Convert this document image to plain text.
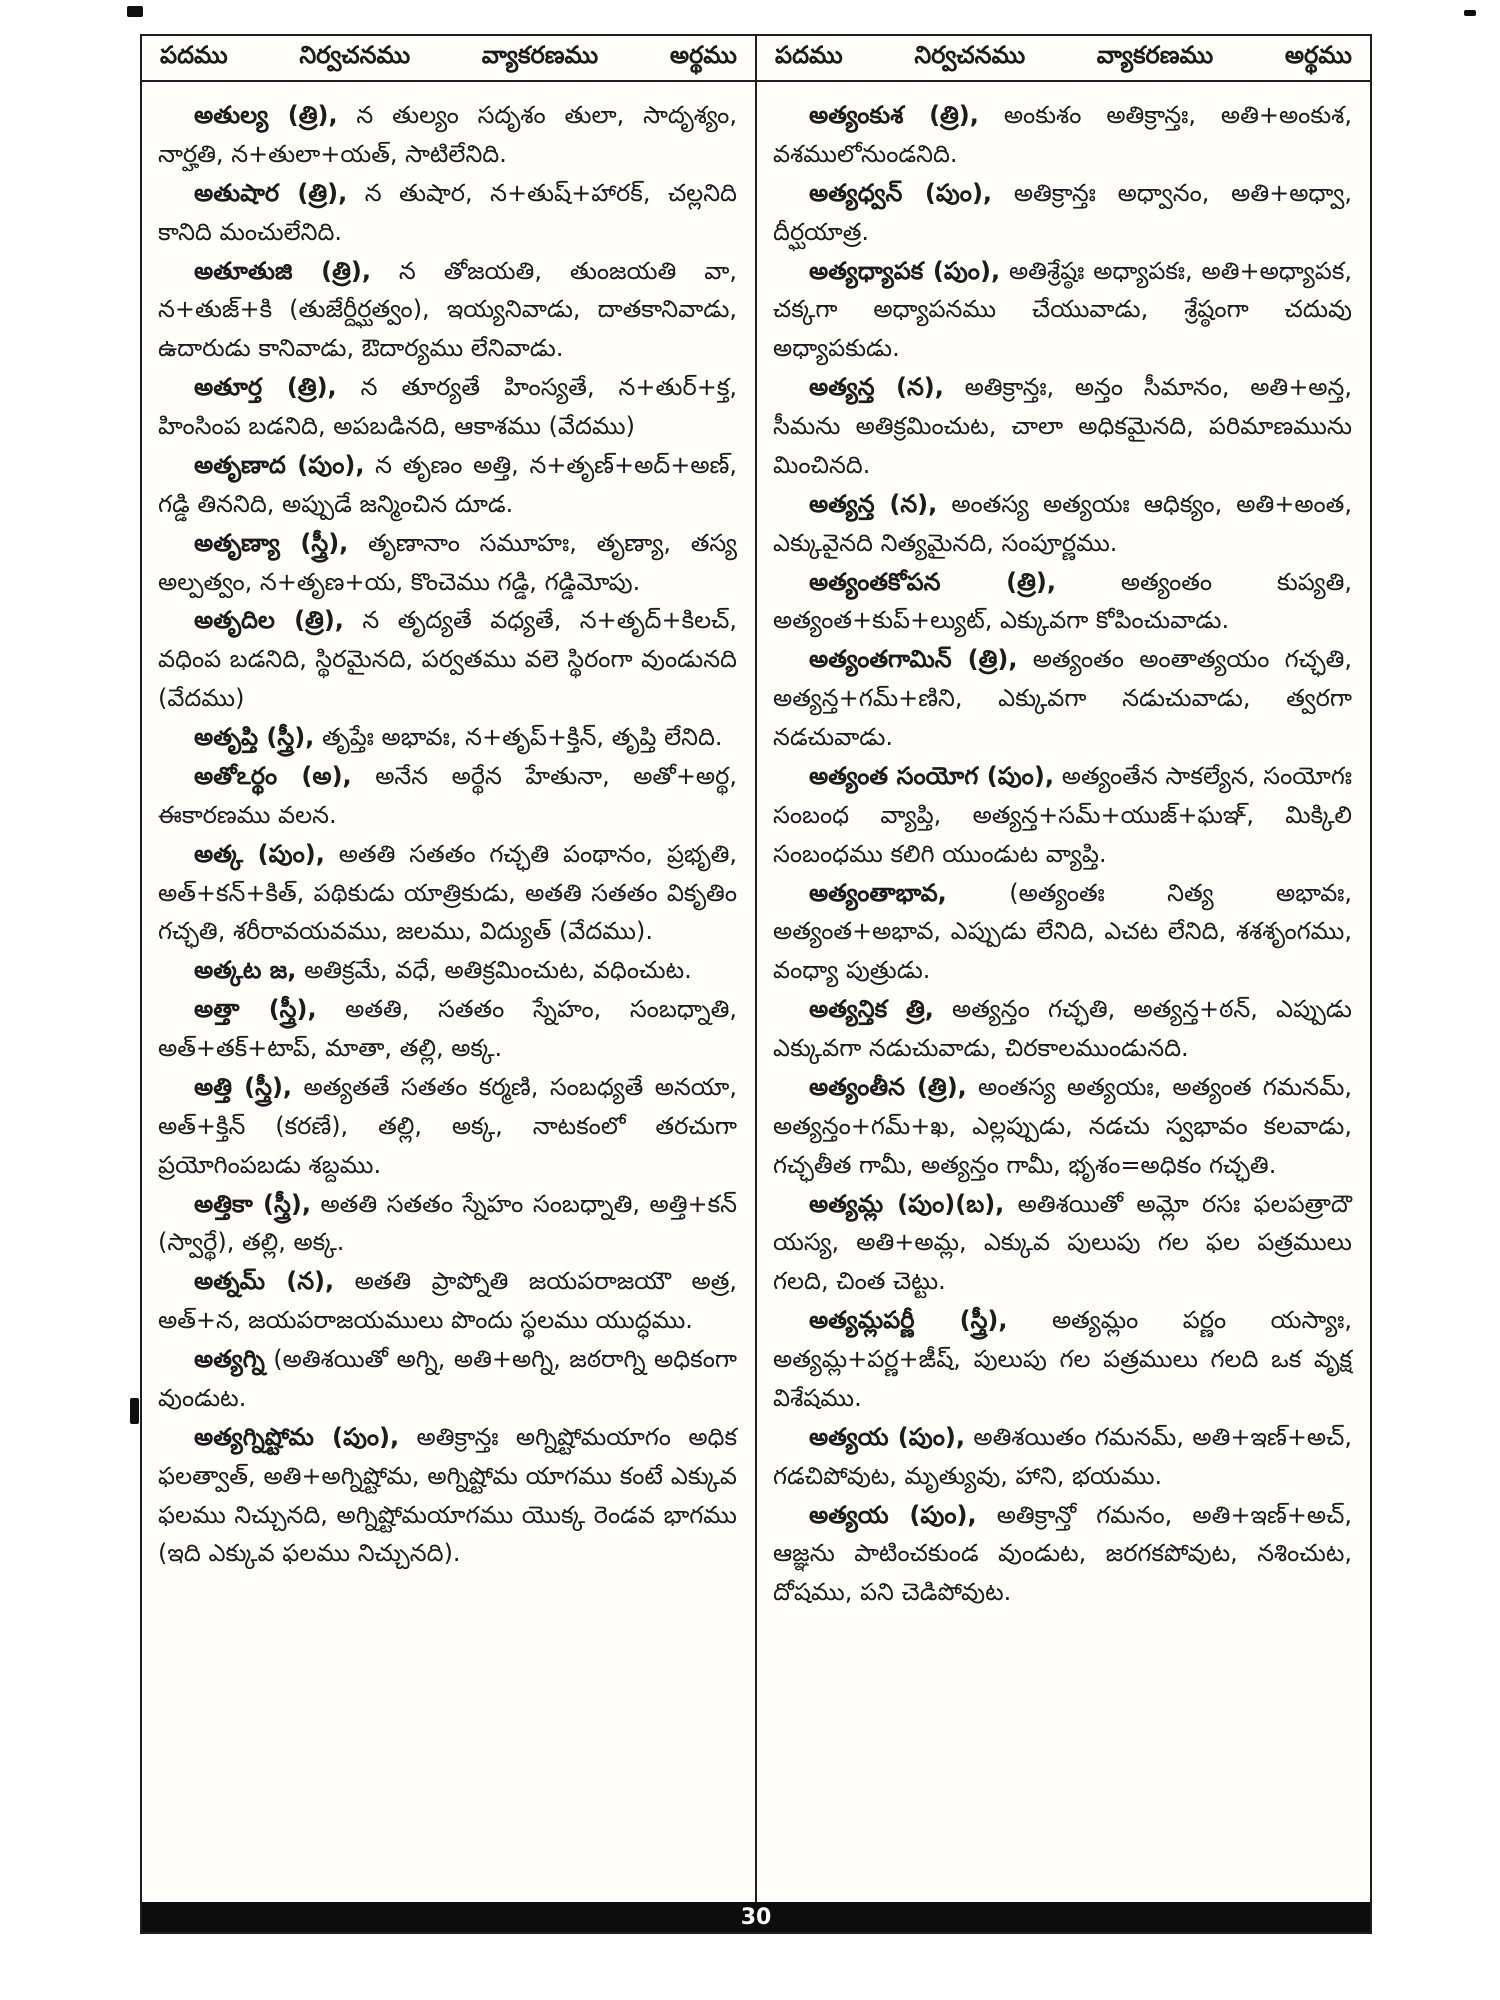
పదము	నిర్వచనము	వ్యాకరణము	అర్థము పదము	నిర్వచనము	వ్యాకరణము	అర్థము

అతుల్య (త్రి), న తుల్యం సదృశం తులా, సాదృశ్యం, నార్హతి, న+తులా+యత్, సాటిలేనిది.

అతుషార (త్రి), న తుషార, న+తుష్+హారక్, చల్లనిది కానిది మంచులేనిది.

అతూతుజి (త్రి), న తోజయతి, తుంజయతి వా, న+తుజ్+కి (తుజేర్దీర్ఘత్వం), ఇయ్యనివాడు, దాతకానివాడు, ఉదారుడు కానివాడు, ఔదార్యము లేనివాడు.

అతూర్త (త్రి), న తూర్యతే హింస్యతే, న+తుర్+క్త, హింసింప బడనిది, అపబడినది, ఆకాశము (వేదము)

అతృణాద (పుం), న తృణం అత్తి, న+తృణ్+అద్+అణ్, గడ్డి తిననిది, అప్పుడే జన్మించిన దూడ.

అతృణ్యా (స్త్రీ), తృణానాం సమూహః, తృణ్యా, తస్య అల్పత్వం, న+తృణ+య, కొంచెము గడ్డి, గడ్డిమోపు.

అతృదిల (త్రి), న తృద్యతే వధ్యతే, న+తృద్+కిలచ్, వధింప బడనిది, స్థిరమైనది, పర్వతము వలె స్థిరంగా వుండునది (వేదము)

అతృప్తి (స్త్రీ), తృప్తేః అభావః, న+తృప్+క్తిన్, తృప్తి లేనిది.

అతోఽర్థం (అ), అనేన అర్థేన హేతునా, అతో+అర్థ, ఈకారణము వలన.

అత్క (పుం), అతతి సతతం గచ్ఛతి పంథానం, ప్రభృతి, అత్+కన్+కిత్, పథికుడు యాత్రికుడు, అతతి సతతం వికృతిం గచ్ఛతి, శరీరావయవము, జలము, విద్యుత్ (వేదము).

అత్కట జ, అతిక్రమే, వధే, అతిక్రమించుట, వధించుట.

అత్తా (స్త్రీ), అతతి, సతతం స్నేహం, సంబధ్నాతి, అత్+తక్+టాప్, మాతా, తల్లి, అక్క.

అత్తి (స్త్రీ), అత్యతతే సతతం కర్మణి, సంబధ్యతే అనయా, అత్+క్తిన్ (కరణే), తల్లి, అక్క, నాటకంలో తరచుగా ప్రయోగింపబడు శబ్దము.

అత్తికా (స్త్రీ), అతతి సతతం స్నేహం సంబధ్నాతి, అత్తి+కన్ (స్వార్థే), తల్లి, అక్క.

అత్నమ్ (న), అతతి ప్రాప్నోతి జయపరాజయౌ అత్ర, అత్+న, జయపరాజయములు పొందు స్థలము యుద్ధము.

అత్యగ్ని (అతిశయితో అగ్ని, అతి+అగ్ని, జఠరాగ్ని అధికంగా వుండుట.

అత్యగ్నిష్టోమ (పుం), అతిక్రాన్తః అగ్నిష్టోమయాగం అధిక ఫలత్వాత్, అతి+అగ్నిష్టోమ, అగ్నిష్టోమ యాగము కంటే ఎక్కువ ఫలము నిచ్చునది, అగ్నిష్టోమయాగము యొక్క రెండవ భాగము (ఇది ఎక్కువ ఫలము నిచ్చునది).

అత్యంకుశ (త్రి), అంకుశం అతిక్రాన్తః, అతి+అంకుశ, వశములోనుండనిది.

అత్యధ్వన్ (పుం), అతిక్రాన్తః అధ్వానం, అతి+అధ్వా, దీర్ఘయాత్ర.

అత్యధ్యాపక (పుం), అతిశ్రేష్ఠః అధ్యాపకః, అతి+అధ్యాపక, చక్కగా అధ్యాపనము చేయువాడు, శ్రేష్ఠంగా చదువు అధ్యాపకుడు.

అత్యన్త (న), అతిక్రాన్తః, అన్తం సీమానం, అతి+అన్త, సీమను అతిక్రమించుట, చాలా అధికమైనది, పరిమాణమును మించినది.

అత్యన్త (న), అంతస్య అత్యయః ఆధిక్యం, అతి+అంత, ఎక్కువైనది నిత్యమైనది, సంపూర్ణము.

అత్యంతకోపన (త్రి),	అత్యంతం కుప్యతి, అత్యంత+కుప్+ల్యుట్, ఎక్కువగా కోపించువాడు.

అత్యంతగామిన్ (త్రి), అత్యంతం అంతాత్యయం గచ్ఛతి, అత్యన్త+గమ్+ణిని, ఎక్కువగా నడుచువాడు, త్వరగా నడచువాడు.

అత్యంత సంయోగ (పుం), అత్యంతేన సాకల్యేన, సంయోగః సంబంధ వ్యాప్తి, అత్యన్త+సమ్+యుజ్+ఘఞ్, మిక్కిలి సంబంధము కలిగి యుండుట వ్యాప్తి.

అత్యంతాభావ,	(అత్యంతః నిత్య అభావః, అత్యంత+అభావ, ఎప్పుడు లేనిది, ఎచట లేనిది, శశశృంగము, వంధ్యా పుత్రుడు.

అత్యన్తిక త్రి, అత్యన్తం గచ్ఛతి, అత్యన్త+ఠన్, ఎప్పుడు ఎక్కువగా నడుచువాడు, చిరకాలముండునది.

అత్యంతీన (త్రి), అంతస్య అత్యయః, అత్యంత గమనమ్, అత్యన్తం+గమ్+ఖ, ఎల్లప్పుడు, నడచు స్వభావం కలవాడు, గచ్ఛతీత గామీ, అత్యన్తం గామీ, భృశం=అధికం గచ్ఛతి.

అత్యమ్ల (పుం)(బ), అతిశయితో అమ్లో రసః ఫలపత్రాదౌ యస్య, అతి+అమ్ల, ఎక్కువ పులుపు గల ఫల పత్రములు గలది, చింత చెట్టు.

అత్యమ్లపర్ణీ (స్త్రీ), అత్యమ్లం పర్ణం యస్యాః, అత్యమ్ల+పర్ణ+ఙీష్, పులుపు గల పత్రములు గలది ఒక వృక్ష విశేషము.

అత్యయ (పుం), అతిశయితం గమనమ్, అతి+ఇణ్+అచ్, గడచిపోవుట, మృత్యువు, హాని, భయము.

అత్యయ (పుం), అతిక్రాన్తో గమనం, అతి+ఇణ్+అచ్, ఆజ్ఞను పాటించకుండ వుండుట, జరగకపోవుట, నశించుట, దోషము, పని చెడిపోవుట.

30
